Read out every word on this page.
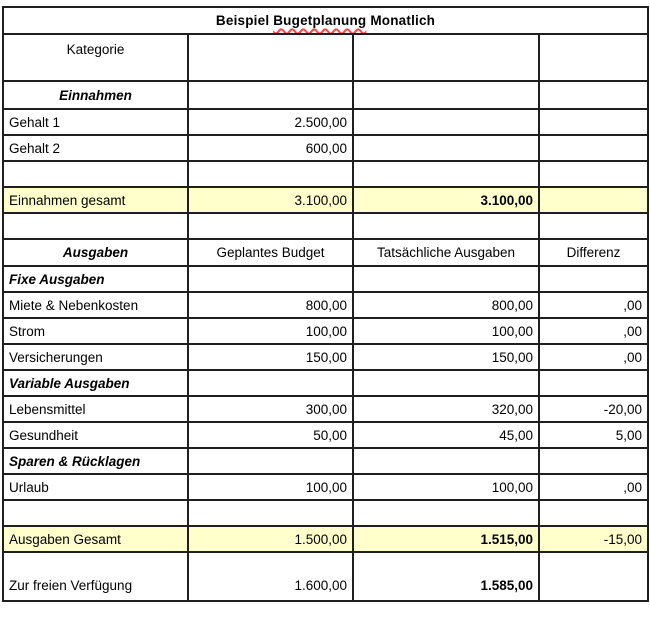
Beispiel Bugetplanung Monatlich			
Kategorie			
Einnahmen			
Gehalt 1	2.500,00		
Gehalt 2	600,00		

Einnahmen gesamt	3.100,00	3.100,00	

Ausgaben	Geplantes Budget	Tatsächliche Ausgaben	Differenz
Fixe Ausgaben			
Miete & Nebenkosten	800,00	800,00	,00
Strom	100,00	100,00	,00
Versicherungen	150,00	150,00	,00
Variable Ausgaben			
Lebensmittel	300,00	320,00	-20,00
Gesundheit	50,00	45,00	5,00
Sparen & Rücklagen			
Urlaub	100,00	100,00	,00

Ausgaben Gesamt	1.500,00	1.515,00	-15,00
Zur freien Verfügung	1.600,00	1.585,00	
